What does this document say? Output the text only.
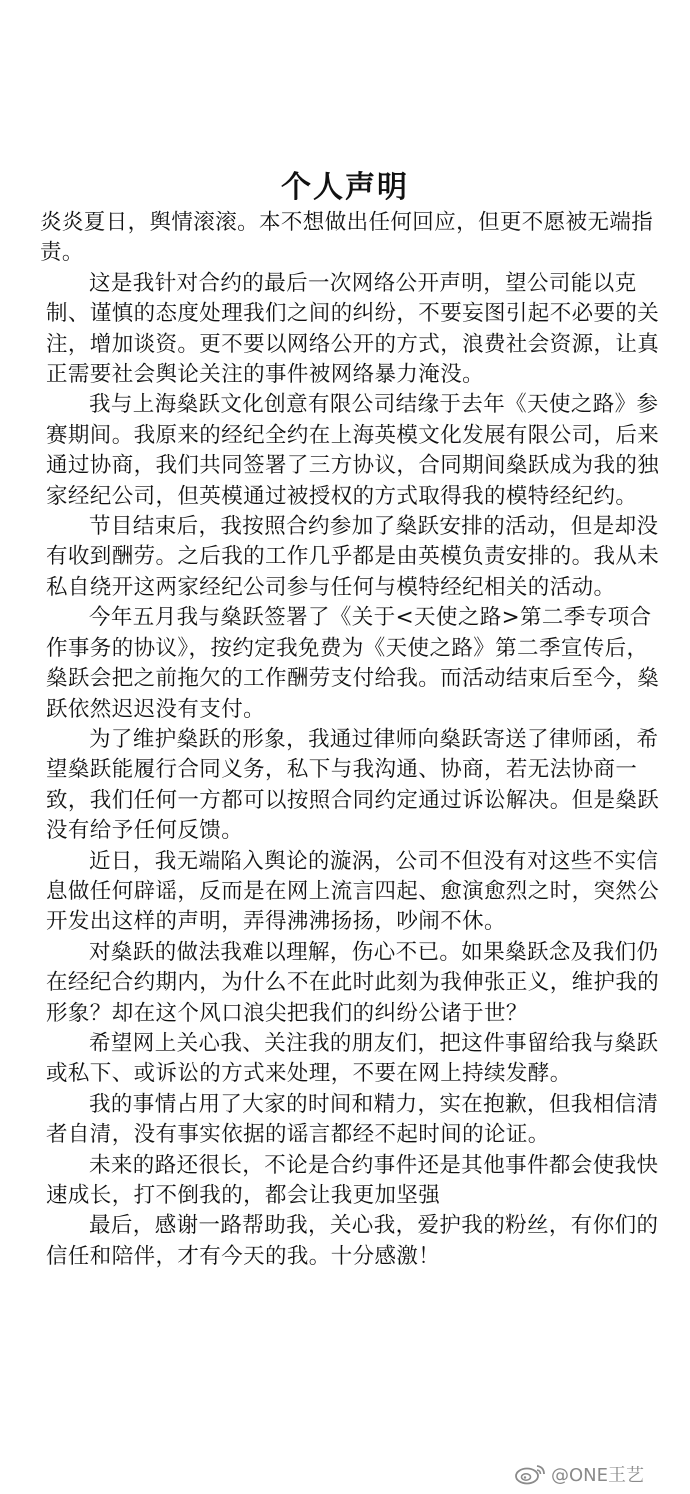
个人声明

炎炎夏日，舆情滚滚。本不想做出任何回应，但更不愿被无端指责。

这是我针对合约的最后一次网络公开声明，望公司能以克制、谨慎的态度处理我们之间的纠纷，不要妄图引起不必要的关注，增加谈资。更不要以网络公开的方式，浪费社会资源，让真正需要社会舆论关注的事件被网络暴力淹没。

我与上海燊跃文化创意有限公司结缘于去年《天使之路》参赛期间。我原来的经纪全约在上海英模文化发展有限公司，后来通过协商，我们共同签署了三方协议，合同期间燊跃成为我的独家经纪公司，但英模通过被授权的方式取得我的模特经纪约。

节目结束后，我按照合约参加了燊跃安排的活动，但是却没有收到酬劳。之后我的工作几乎都是由英模负责安排的。我从未私自绕开这两家经纪公司参与任何与模特经纪相关的活动。

今年五月我与燊跃签署了《关于<天使之路>第二季专项合作事务的协议》，按约定我免费为《天使之路》第二季宣传后，燊跃会把之前拖欠的工作酬劳支付给我。而活动结束后至今，燊跃依然迟迟没有支付。

为了维护燊跃的形象，我通过律师向燊跃寄送了律师函，希望燊跃能履行合同义务，私下与我沟通、协商，若无法协商一致，我们任何一方都可以按照合同约定通过诉讼解决。但是燊跃没有给予任何反馈。

近日，我无端陷入舆论的漩涡，公司不但没有对这些不实信息做任何辟谣，反而是在网上流言四起、愈演愈烈之时，突然公开发出这样的声明，弄得沸沸扬扬，吵闹不休。

对燊跃的做法我难以理解，伤心不已。如果燊跃念及我们仍在经纪合约期内，为什么不在此时此刻为我伸张正义，维护我的形象？却在这个风口浪尖把我们的纠纷公诸于世？

希望网上关心我、关注我的朋友们，把这件事留给我与燊跃或私下、或诉讼的方式来处理，不要在网上持续发酵。

我的事情占用了大家的时间和精力，实在抱歉，但我相信清者自清，没有事实依据的谣言都经不起时间的论证。

未来的路还很长，不论是合约事件还是其他事件都会使我快速成长，打不倒我的，都会让我更加坚强

最后，感谢一路帮助我，关心我，爱护我的粉丝，有你们的信任和陪伴，才有今天的我。十分感激！

@ONE王艺
